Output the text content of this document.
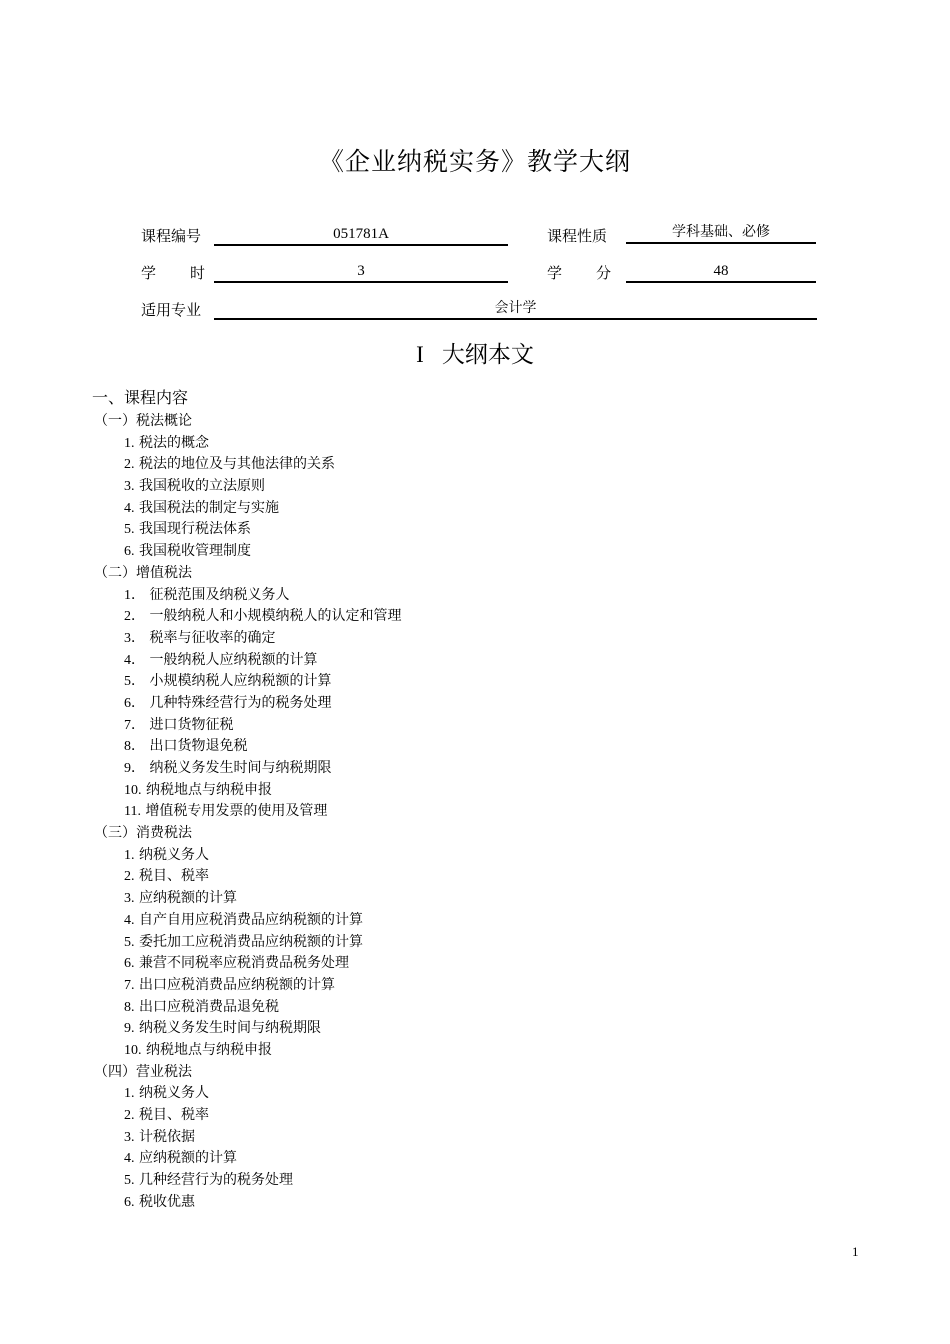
《企业纳税实务》教学大纲
课程编号	051781A	课程性质	学科基础、必修
学 时	3	学 分	48
适用专业	会计学
I 大纲本文
一、课程内容
（一）税法概论
1. 税法的概念
2. 税法的地位及与其他法律的关系
3. 我国税收的立法原则
4. 我国税法的制定与实施
5. 我国现行税法体系
6. 我国税收管理制度
（二）增值税法
1． 征税范围及纳税义务人
2． 一般纳税人和小规模纳税人的认定和管理
3． 税率与征收率的确定
4． 一般纳税人应纳税额的计算
5． 小规模纳税人应纳税额的计算
6． 几种特殊经营行为的税务处理
7． 进口货物征税
8． 出口货物退免税
9． 纳税义务发生时间与纳税期限
10. 纳税地点与纳税申报
11. 增值税专用发票的使用及管理
（三）消费税法
1. 纳税义务人
2. 税目、税率
3. 应纳税额的计算
4. 自产自用应税消费品应纳税额的计算
5. 委托加工应税消费品应纳税额的计算
6. 兼营不同税率应税消费品税务处理
7. 出口应税消费品应纳税额的计算
8. 出口应税消费品退免税
9. 纳税义务发生时间与纳税期限
10. 纳税地点与纳税申报
（四）营业税法
1. 纳税义务人
2. 税目、税率
3. 计税依据
4. 应纳税额的计算
5. 几种经营行为的税务处理
6. 税收优惠
1
